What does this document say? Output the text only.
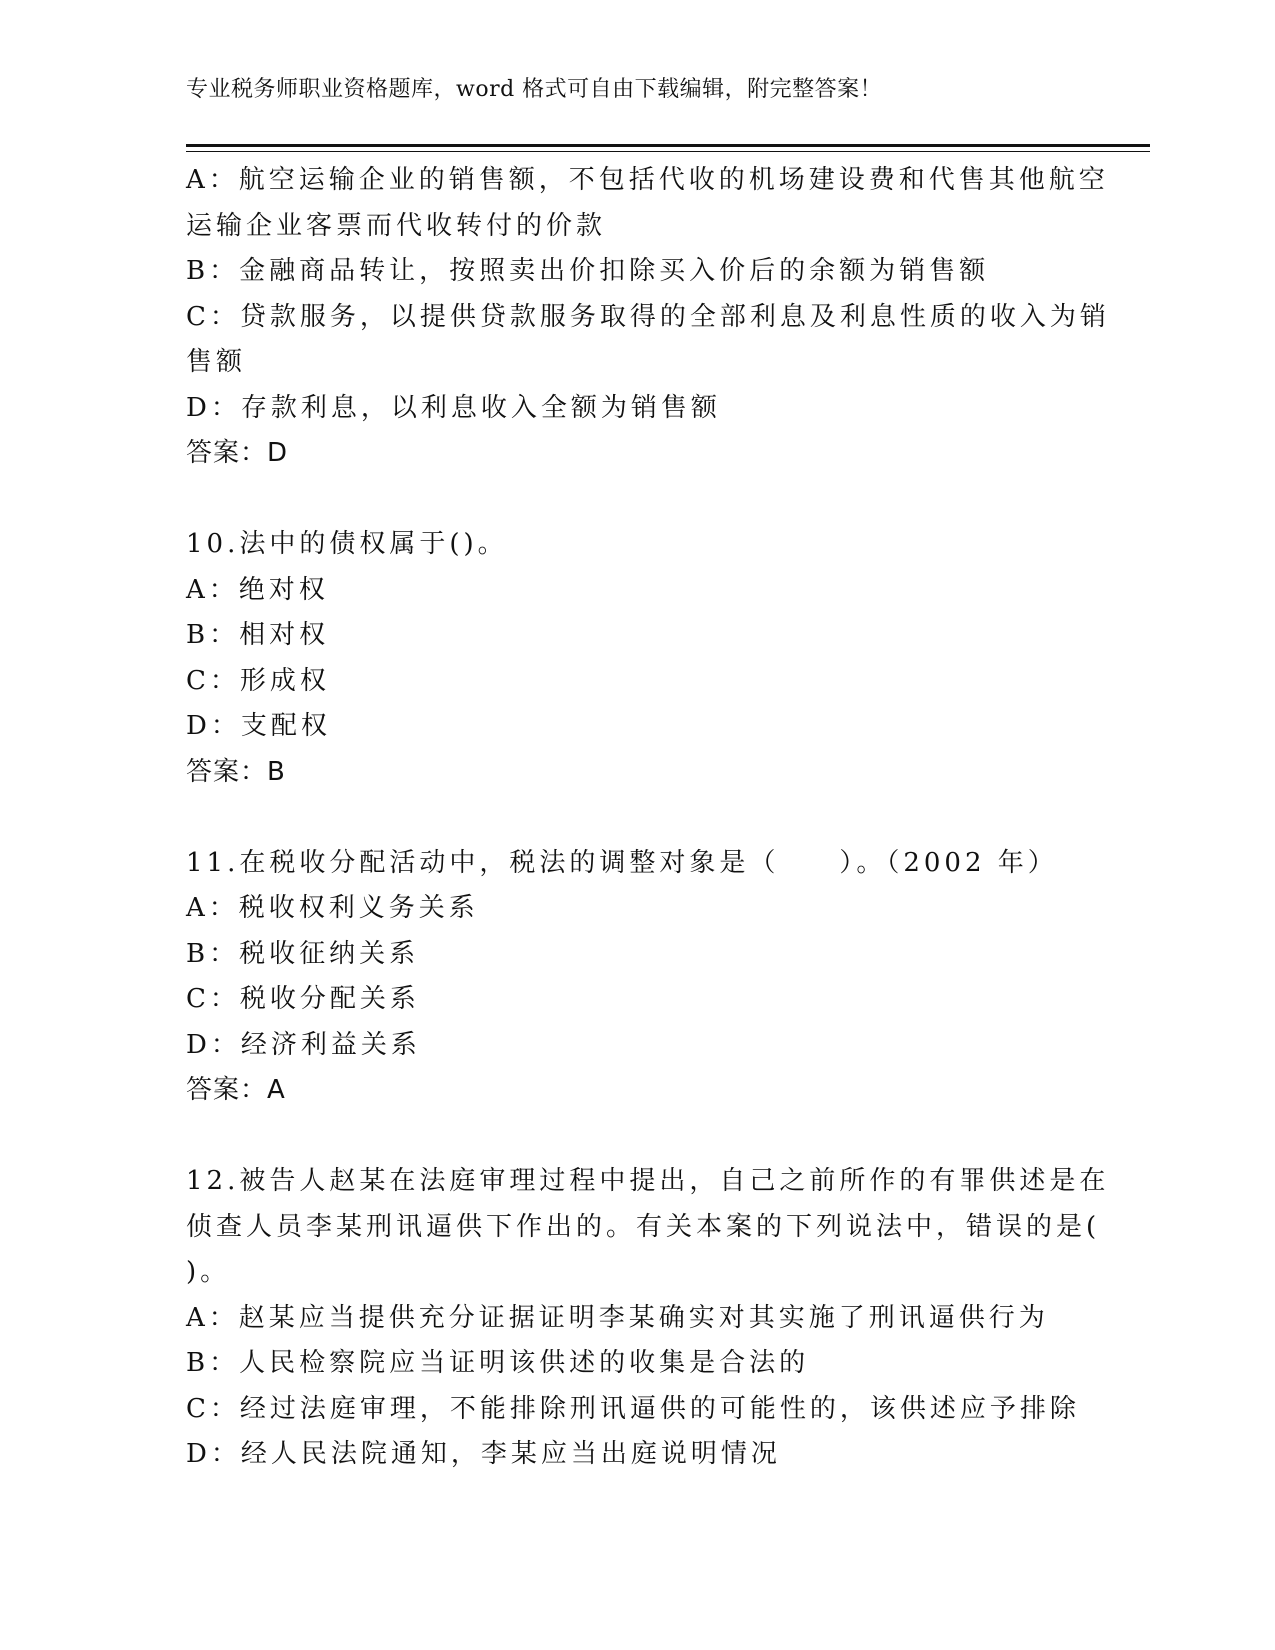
专业税务师职业资格题库，word 格式可自由下载编辑，附完整答案！
A：航空运输企业的销售额，不包括代收的机场建设费和代售其他航空
运输企业客票而代收转付的价款
B：金融商品转让，按照卖出价扣除买入价后的余额为销售额
C：贷款服务，以提供贷款服务取得的全部利息及利息性质的收入为销
售额
D：存款利息，以利息收入全额为销售额
答案：D
10.法中的债权属于()。
A：绝对权
B：相对权
C：形成权
D：支配权
答案：B
11.在税收分配活动中，税法的调整对象是（　　）。（2002 年）
A：税收权利义务关系
B：税收征纳关系
C：税收分配关系
D：经济利益关系
答案：A
12.被告人赵某在法庭审理过程中提出，自己之前所作的有罪供述是在
侦查人员李某刑讯逼供下作出的。有关本案的下列说法中，错误的是(
)。
A：赵某应当提供充分证据证明李某确实对其实施了刑讯逼供行为
B：人民检察院应当证明该供述的收集是合法的
C：经过法庭审理，不能排除刑讯逼供的可能性的，该供述应予排除
D：经人民法院通知，李某应当出庭说明情况
